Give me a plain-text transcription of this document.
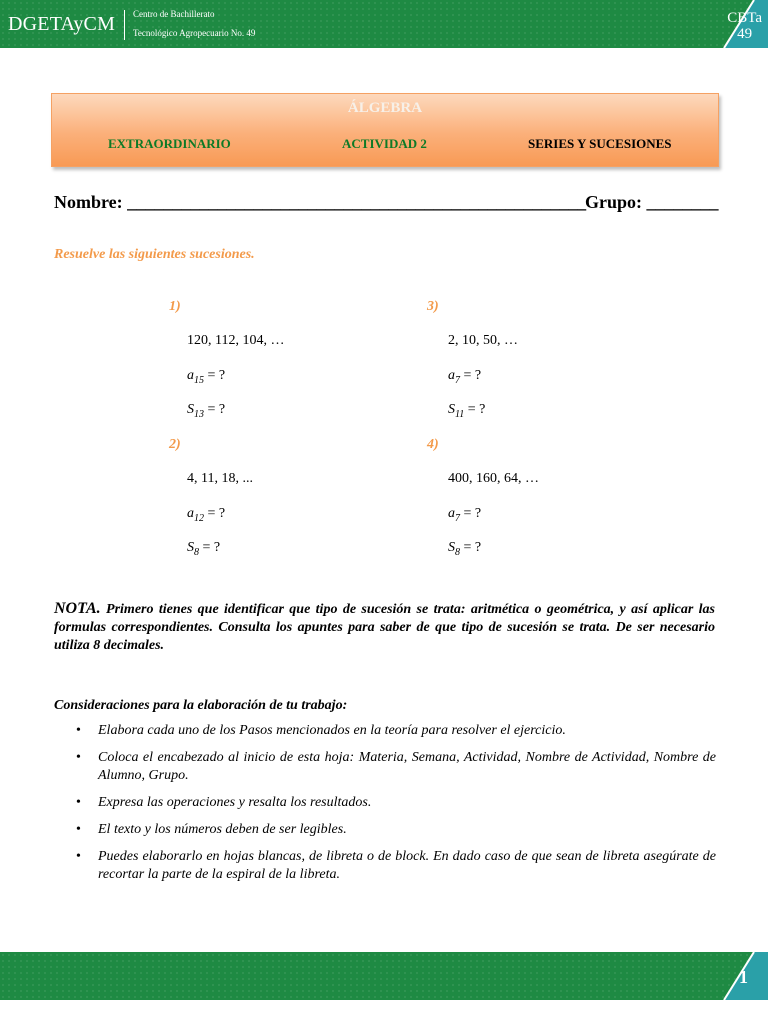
DGETAyCM Centro de Bachillerato
Tecnológico Agropecuario No. 49
CBTa
49
ÁLGEBRA
EXTRAORDINARIO	ACTIVIDAD 2	SERIES Y SUCESIONES
Nombre: ___________________________________________________
Grupo: ________
Resuelve las siguientes sucesiones.
1)
120, 112, 104, …
$a_{15}$ = ?
$S_{13}$ = ?
2)
4, 11, 18, ...
$a_{12}$ = ?
$S_8$ = ?
3)
2, 10, 50, …
$a_7$ = ?
$S_{11}$ = ?
4)
400, 160, 64, …
$a_7$ = ?
$S_8$ = ?
NOTA. Primero tienes que identificar que tipo de sucesión se trata: aritmética o geométrica, y así aplicar las formulas correspondientes. Consulta los apuntes para saber de que tipo de sucesión se trata. De ser necesario utiliza 8 decimales.
Consideraciones para la elaboración de tu trabajo:
• Elabora cada uno de los Pasos mencionados en la teoría para resolver el ejercicio.
• Coloca el encabezado al inicio de esta hoja: Materia, Semana, Actividad, Nombre de Actividad, Nombre de Alumno, Grupo.
• Expresa las operaciones y resalta los resultados.
• El texto y los números deben de ser legibles.
• Puedes elaborarlo en hojas blancas, de libreta o de block. En dado caso de que sean de libreta asegúrate de recortar la parte de la espiral de la libreta.
1
